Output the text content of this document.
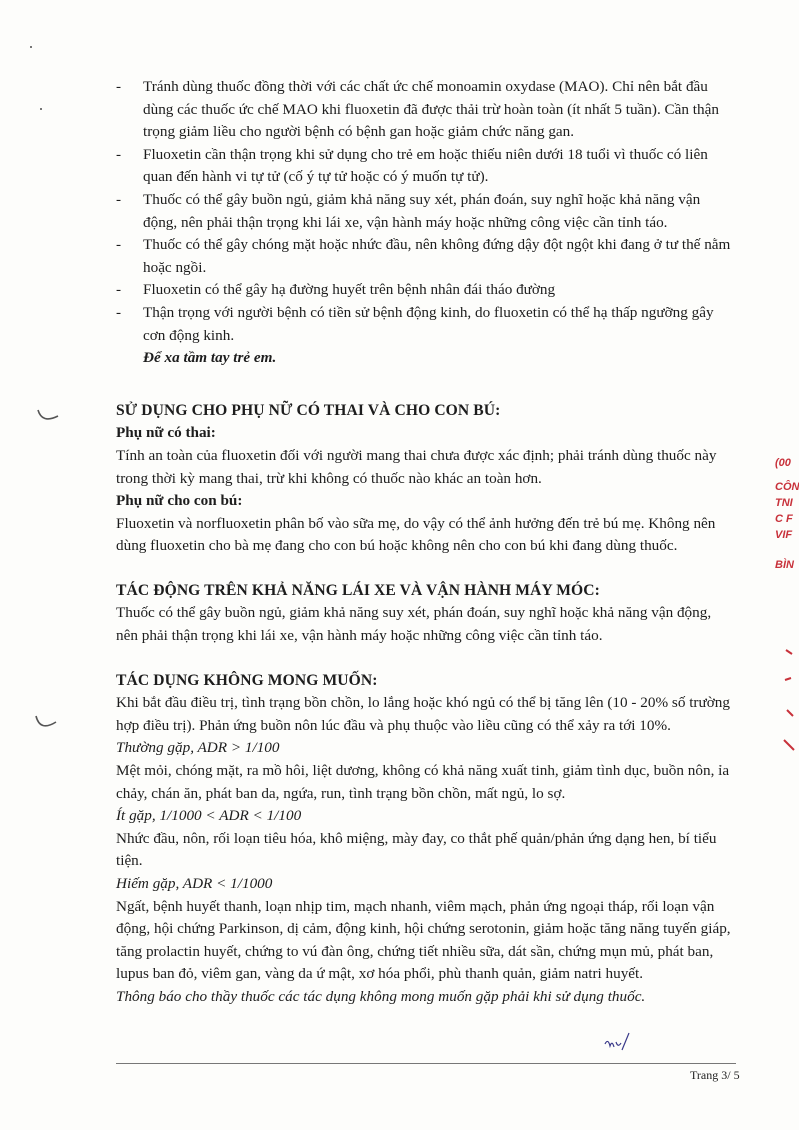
- Tránh dùng thuốc đồng thời với các chất ức chế monoamin oxydase (MAO). Chỉ nên bắt đầu dùng các thuốc ức chế MAO khi fluoxetin đã được thải trừ hoàn toàn (ít nhất 5 tuần). Cần thận trọng giảm liều cho người bệnh có bệnh gan hoặc giảm chức năng gan.
- Fluoxetin cần thận trọng khi sử dụng cho trẻ em hoặc thiếu niên dưới 18 tuổi vì thuốc có liên quan đến hành vi tự tử (cố ý tự tử hoặc có ý muốn tự tử).
- Thuốc có thể gây buồn ngủ, giảm khả năng suy xét, phán đoán, suy nghĩ hoặc khả năng vận động, nên phải thận trọng khi lái xe, vận hành máy hoặc những công việc cần tỉnh táo.
- Thuốc có thể gây chóng mặt hoặc nhức đầu, nên không đứng dậy đột ngột khi đang ở tư thế nằm hoặc ngồi.
- Fluoxetin có thể gây hạ đường huyết trên bệnh nhân đái tháo đường
- Thận trọng với người bệnh có tiền sử bệnh động kinh, do fluoxetin có thể hạ thấp ngưỡng gây cơn động kinh.

Để xa tầm tay trẻ em.

SỬ DỤNG CHO PHỤ NỮ CÓ THAI VÀ CHO CON BÚ:

Phụ nữ có thai:

Tính an toàn của fluoxetin đối với người mang thai chưa được xác định; phải tránh dùng thuốc này trong thời kỳ mang thai, trừ khi không có thuốc nào khác an toàn hơn.

Phụ nữ cho con bú:

Fluoxetin và norfluoxetin phân bố vào sữa mẹ, do vậy có thể ảnh hưởng đến trẻ bú mẹ. Không nên dùng fluoxetin cho bà mẹ đang cho con bú hoặc không nên cho con bú khi đang dùng thuốc.

TÁC ĐỘNG TRÊN KHẢ NĂNG LÁI XE VÀ VẬN HÀNH MÁY MÓC:

Thuốc có thể gây buồn ngủ, giảm khả năng suy xét, phán đoán, suy nghĩ hoặc khả năng vận động, nên phải thận trọng khi lái xe, vận hành máy hoặc những công việc cần tỉnh táo.

TÁC DỤNG KHÔNG MONG MUỐN:

Khi bắt đầu điều trị, tình trạng bồn chồn, lo lắng hoặc khó ngủ có thể bị tăng lên (10 - 20% số trường hợp điều trị). Phản ứng buồn nôn lúc đầu và phụ thuộc vào liều cũng có thể xảy ra tới 10%.

Thường gặp, ADR > 1/100

Mệt mỏi, chóng mặt, ra mồ hôi, liệt dương, không có khả năng xuất tinh, giảm tình dục, buồn nôn, ỉa chảy, chán ăn, phát ban da, ngứa, run, tình trạng bồn chồn, mất ngủ, lo sợ.

Ít gặp, 1/1000 < ADR < 1/100

Nhức đầu, nôn, rối loạn tiêu hóa, khô miệng, mày đay, co thắt phế quản/phản ứng dạng hen, bí tiểu tiện.

Hiếm gặp, ADR < 1/1000

Ngất, bệnh huyết thanh, loạn nhịp tim, mạch nhanh, viêm mạch, phản ứng ngoại tháp, rối loạn vận động, hội chứng Parkinson, dị cảm, động kinh, hội chứng serotonin, giảm hoặc tăng năng tuyến giáp, tăng prolactin huyết, chứng to vú đàn ông, chứng tiết nhiều sữa, dát sần, chứng mụn mủ, phát ban, lupus ban đỏ, viêm gan, vàng da ứ mật, xơ hóa phổi, phù thanh quản, giảm natri huyết.

Thông báo cho thầy thuốc các tác dụng không mong muốn gặp phải khi sử dụng thuốc.

(00
CÔN
TNI
C F
VIF
BÌN
Trang 3/ 5
